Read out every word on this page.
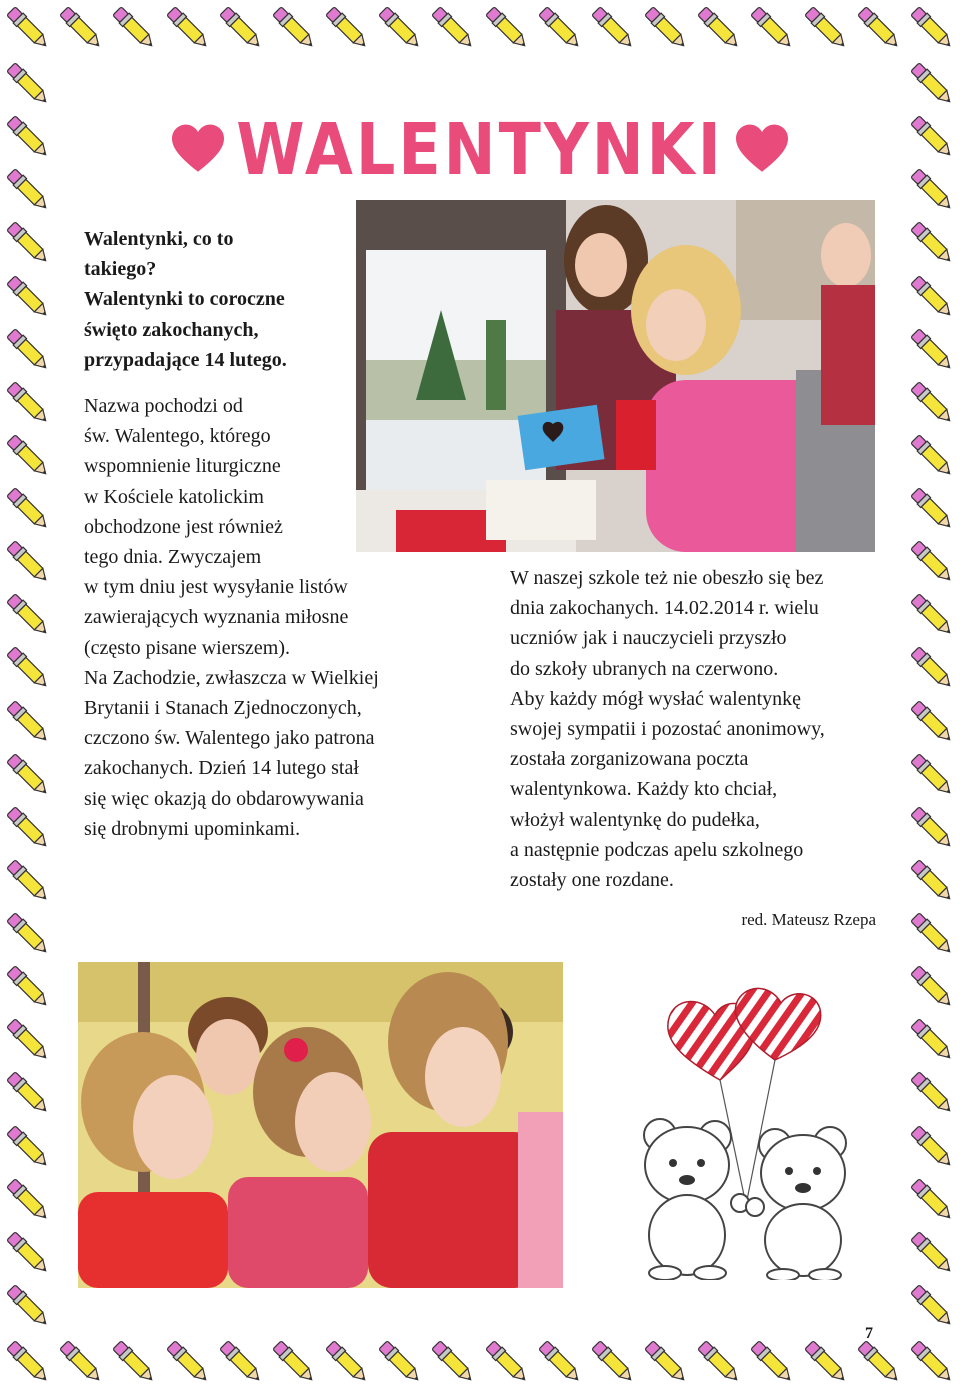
WALENTYNKI
Walentynki, co to
takiego?
Walentynki to coroczne
święto zakochanych,
przypadające 14 lutego.
Nazwa pochodzi od
św. Walentego, którego
wspomnienie liturgiczne
w Kościele katolickim
obchodzone jest również
tego dnia. Zwyczajem
w tym dniu jest wysyłanie listów
zawierających wyznania miłosne
(często pisane wierszem).
Na Zachodzie, zwłaszcza w Wielkiej
Brytanii i Stanach Zjednoczonych,
czczono św. Walentego jako patrona
zakochanych. Dzień 14 lutego stał
się więc okazją do obdarowywania
się drobnymi upominkami.
W naszej szkole też nie obeszło się bez
dnia zakochanych. 14.02.2014 r. wielu
uczniów jak i nauczycieli przyszło
do szkoły ubranych na czerwono.
Aby każdy mógł wysłać walentynkę
swojej sympatii i pozostać anonimowy,
została zorganizowana poczta
walentynkowa. Każdy kto chciał,
włożył walentynkę do pudełka,
a następnie podczas apelu szkolnego
zostały one rozdane.
red. Mateusz Rzepa
7
